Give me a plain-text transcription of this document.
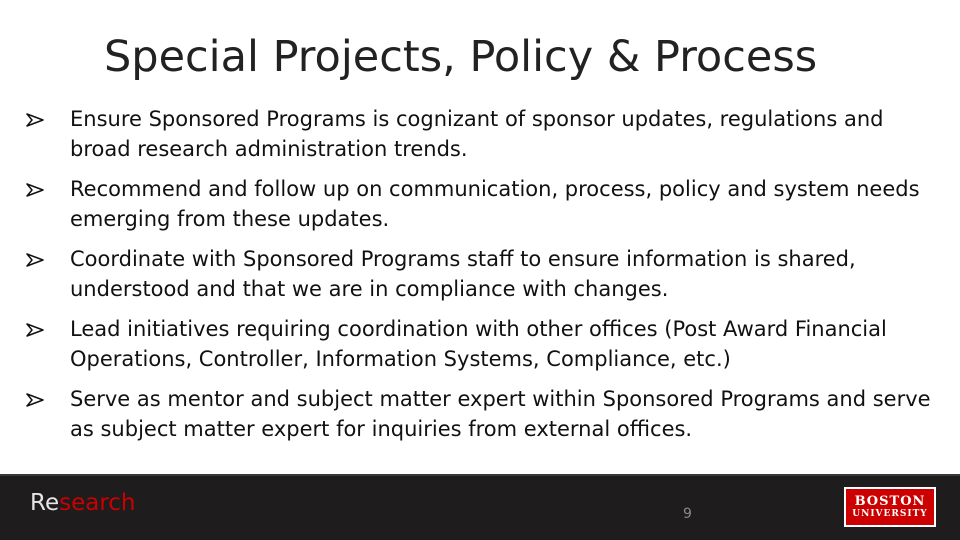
Special Projects, Policy & Process
Ensure Sponsored Programs is cognizant of sponsor updates, regulations and broad research administration trends.
Recommend and follow up on communication, process, policy and system needs emerging from these updates.
Coordinate with Sponsored Programs staff to ensure information is shared, understood and that we are in compliance with changes.
Lead initiatives requiring coordination with other offices (Post Award Financial Operations, Controller, Information Systems, Compliance, etc.)
Serve as mentor and subject matter expert within Sponsored Programs and serve as subject matter expert for inquiries from external offices.
Research	9
BOSTON
UNIVERSITY
